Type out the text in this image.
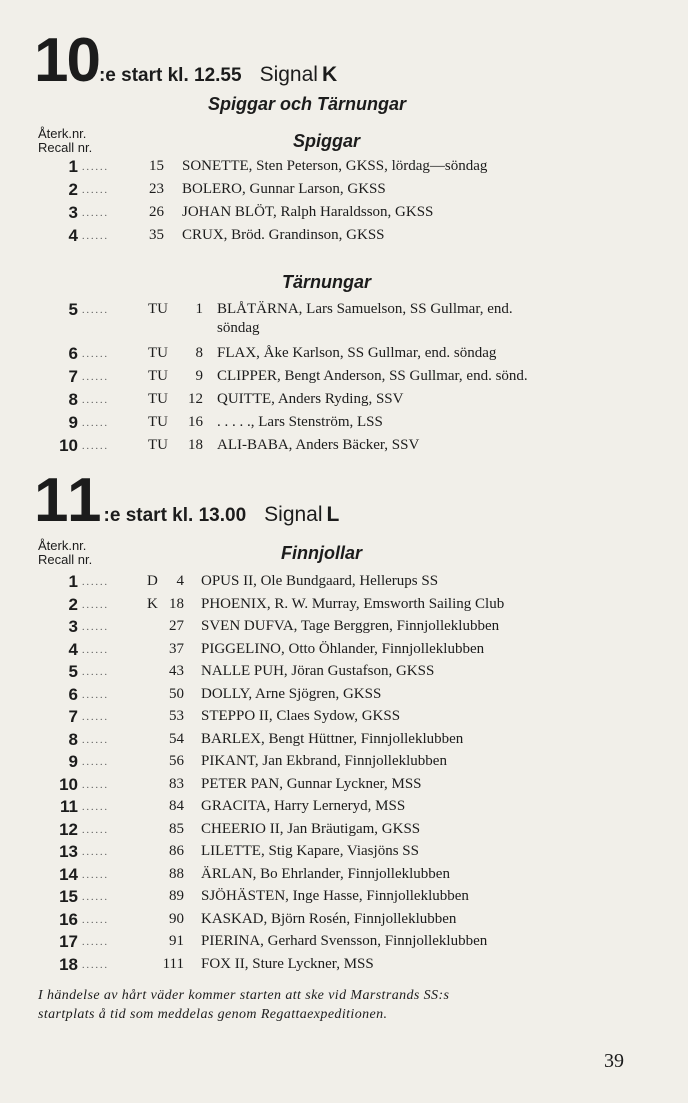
10:e start kl. 12.55 Signal K
Spiggar och Tärnungar
Återk.nr.
Recall nr.	Spiggar
1 ......	15 SONETTE, Sten Peterson, GKSS, lördag—söndag
2 ......	23 BOLERO, Gunnar Larson, GKSS
3 ......	26 JOHAN BLÖT, Ralph Haraldsson, GKSS
4 ......	35 CRUX, Bröd. Grandinson, GKSS
Tärnungar
5 ......	TU	1 BLÅTÄRNA, Lars Samuelson, SS Gullmar, end.
söndag
6 ......	TU	8 FLAX, Åke Karlson, SS Gullmar, end. söndag
7 ......	TU	9 CLIPPER, Bengt Anderson, SS Gullmar, end. sönd.
8 ......	TU	12 QUITTE, Anders Ryding, SSV
9 ......	TU	16 . . . . ., Lars Stenström, LSS
10 ......	TU	18 ALI-BABA, Anders Bäcker, SSV
11:e start kl. 13.00 Signal L
Återk.nr.
Recall nr.	Finnjollar
1 ......	D	4 OPUS II, Ole Bundgaard, Hellerups SS
2 ......	K 18 PHOENIX, R. W. Murray, Emsworth Sailing Club
3 ......	27 SVEN DUFVA, Tage Berggren, Finnjolleklubben
4 ......	37 PIGGELINO, Otto Öhlander, Finnjolleklubben
5 ......	43 NALLE PUH, Jöran Gustafson, GKSS
6 ......	50 DOLLY, Arne Sjögren, GKSS
7 ......	53 STEPPO II, Claes Sydow, GKSS
8 ......	54 BARLEX, Bengt Hüttner, Finnjolleklubben
9 ......	56 PIKANT, Jan Ekbrand, Finnjolleklubben
10 ......	83 PETER PAN, Gunnar Lyckner, MSS
11 ......	84 GRACITA, Harry Lerneryd, MSS
12 ......	85 CHEERIO II, Jan Bräutigam, GKSS
13 ......	86 LILETTE, Stig Kapare, Viasjöns SS
14 ......	88 ÄRLAN, Bo Ehrlander, Finnjolleklubben
15 ......	89 SJÖHÄSTEN, Inge Hasse, Finnjolleklubben
16 ......	90 KASKAD, Björn Rosén, Finnjolleklubben
17 ......	91 PIERINA, Gerhard Svensson, Finnjolleklubben
18 ......	111 FOX II, Sture Lyckner, MSS
I händelse av hårt väder kommer starten att ske vid Marstrands SS:s
startplats å tid som meddelas genom Regattaexpeditionen.
39
